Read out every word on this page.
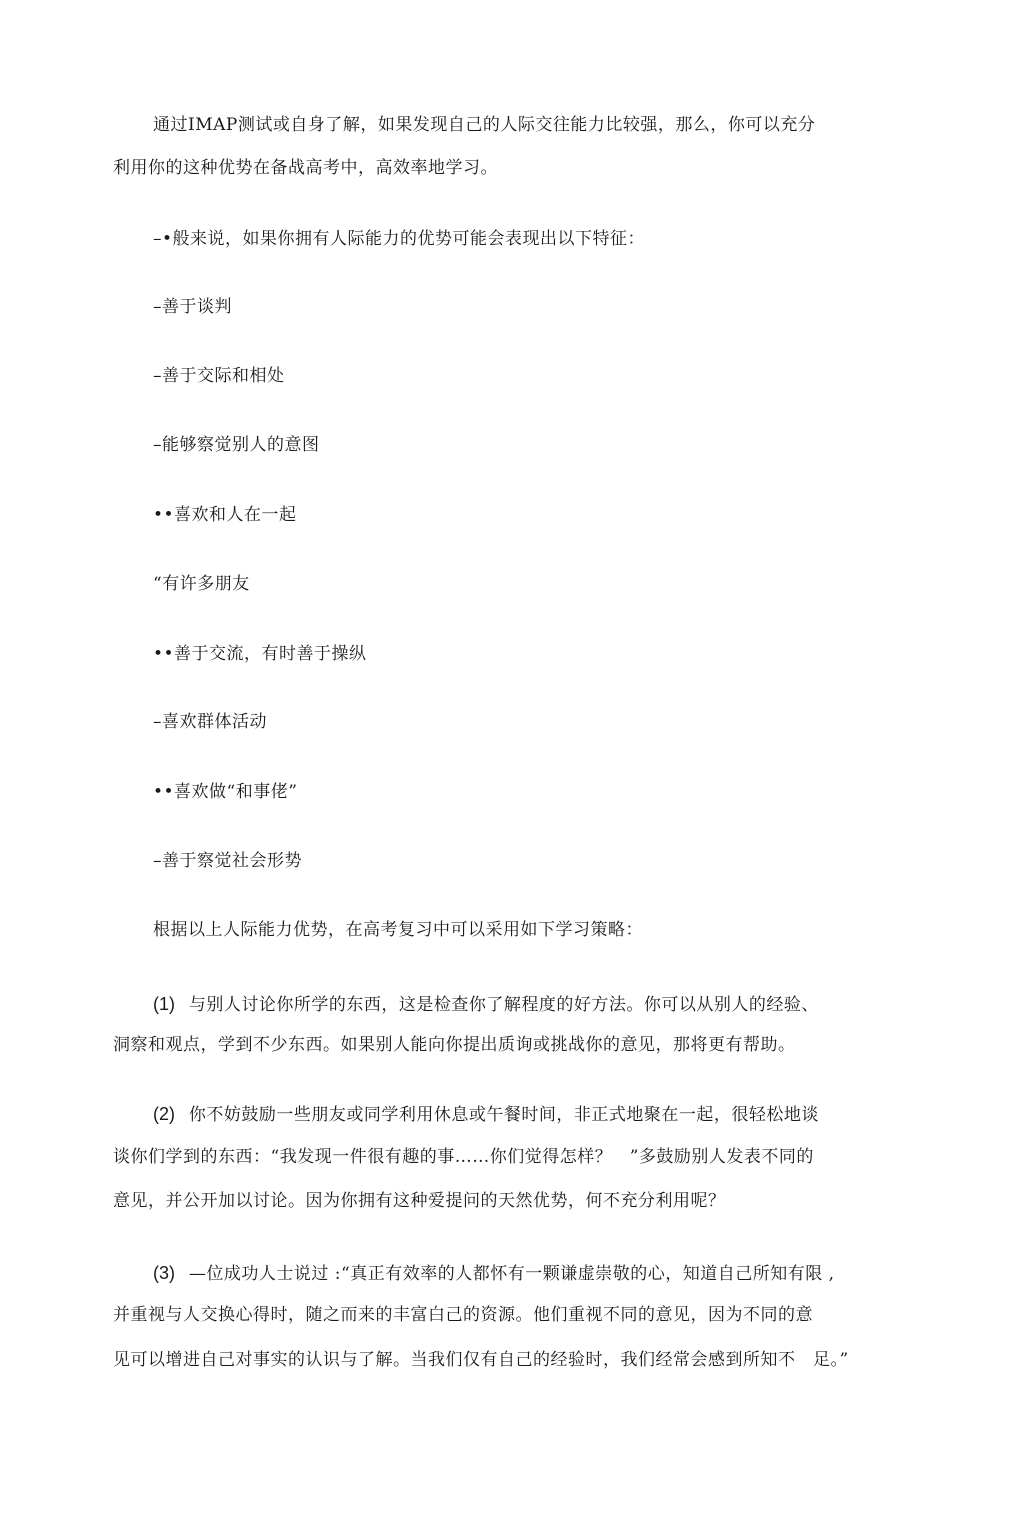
通过IMAP测试或自身了解，如果发现自己的人际交往能力比较强，那么，你可以充分
利用你的这种优势在备战高考中，高效率地学习。
–•般来说，如果你拥有人际能力的优势可能会表现出以下特征：
–善于谈判
–善于交际和相处
–能够察觉别人的意图
••喜欢和人在一起
“有许多朋友
••善于交流，有时善于操纵
–喜欢群体活动
••喜欢做“和事佬”
–善于察觉社会形势
根据以上人际能力优势，在高考复习中可以采用如下学习策略：
(1) 与别人讨论你所学的东西，这是检查你了解程度的好方法。你可以从别人的经验、
洞察和观点，学到不少东西。如果别人能向你提出质询或挑战你的意见，那将更有帮助。
(2) 你不妨鼓励一些朋友或同学利用休息或午餐时间，非正式地聚在一起，很轻松地谈
谈你们学到的东西：“我发现一件很有趣的事……你们觉得怎样？　”多鼓励别人发表不同的
意见，并公开加以讨论。因为你拥有这种爱提问的天然优势，何不充分利用呢？
(3) —位成功人士说过 :“真正有效率的人都怀有一颗谦虚崇敬的心，知道自己所知有限 ,
并重视与人交换心得时，随之而来的丰富白己的资源。他们重视不同的意见，因为不同的意
见可以增进自己对事实的认识与了解。当我们仅有自己的经验时，我们经常会感到所知不　足。”
